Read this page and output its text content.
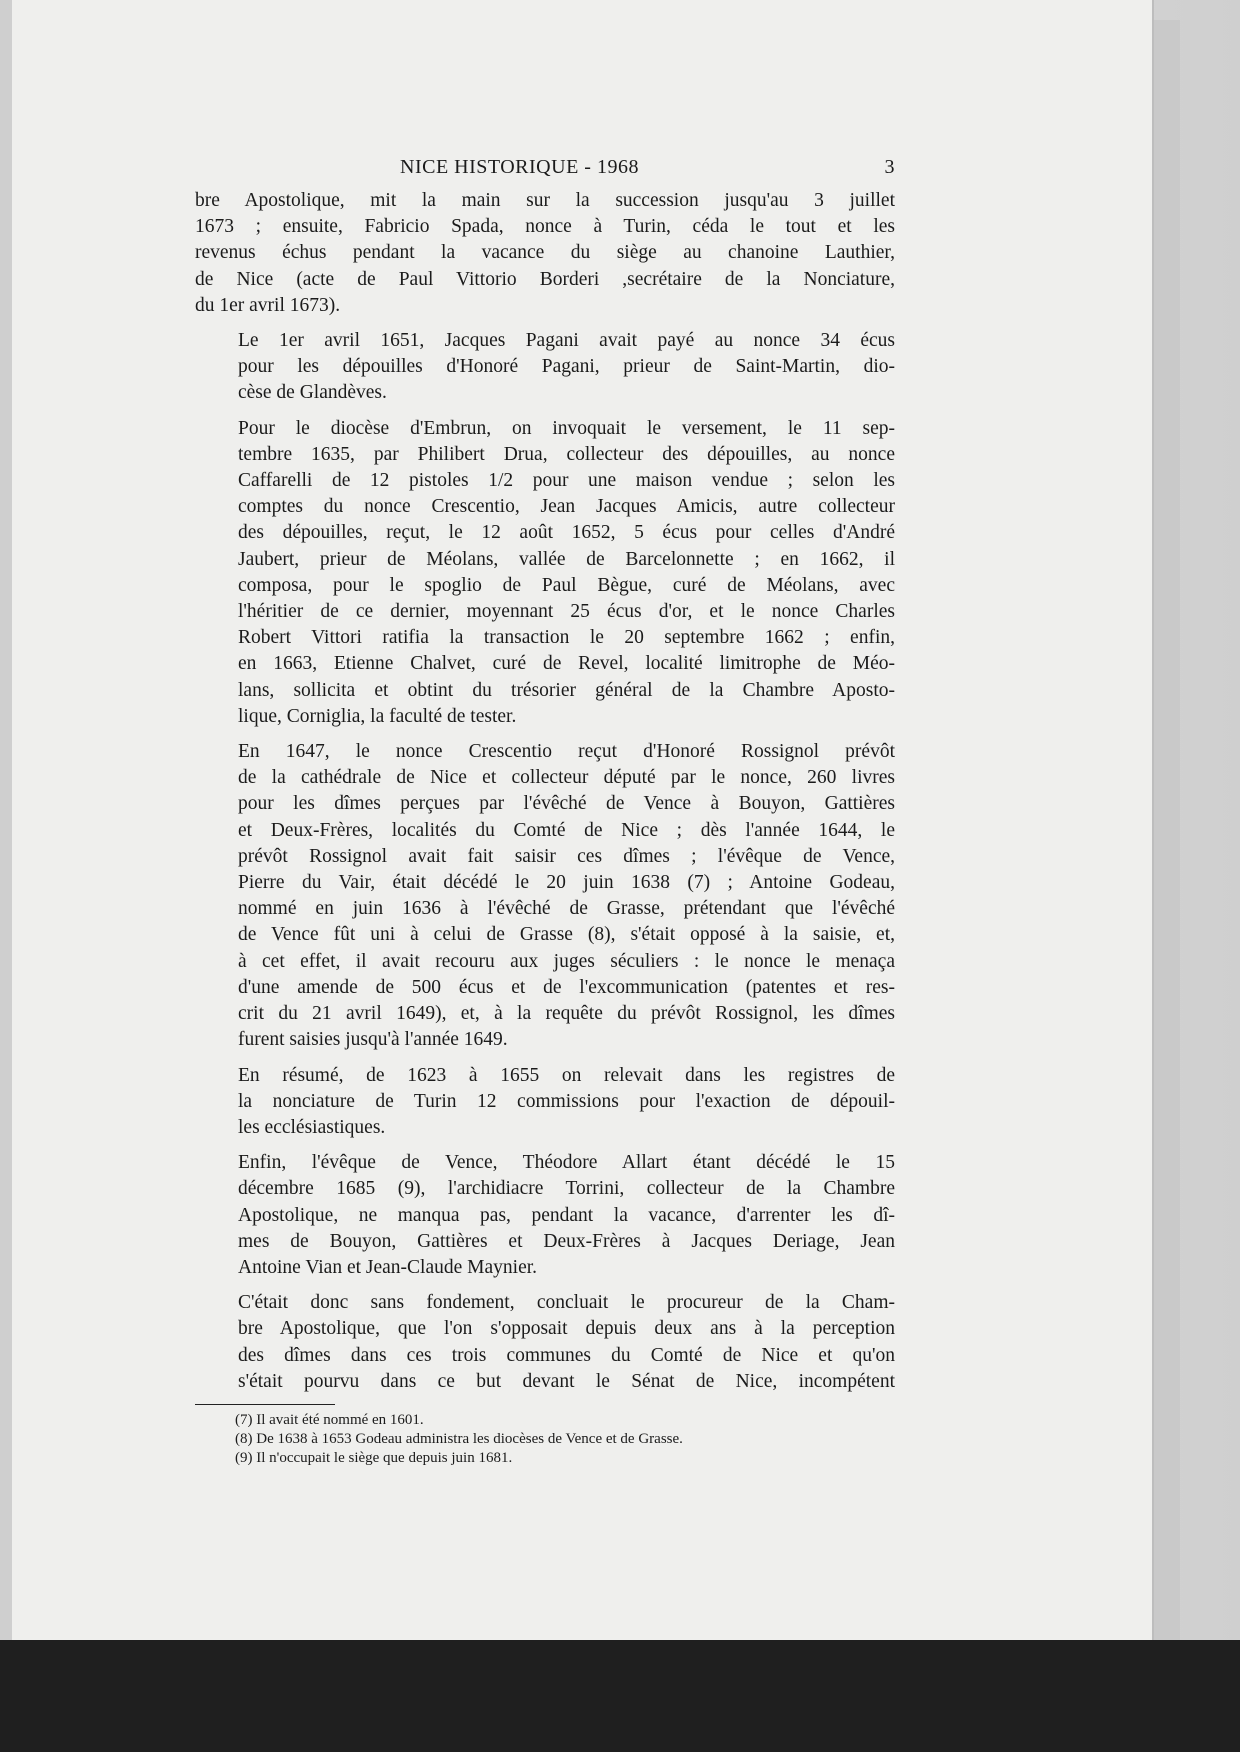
NICE HISTORIQUE - 1968	3

bre Apostolique, mit la main sur la succession jusqu'au 3 juillet
1673 ; ensuite, Fabricio Spada, nonce à Turin, céda le tout et les
revenus échus pendant la vacance du siège au chanoine Lauthier,
de Nice (acte de Paul Vittorio Borderi ,secrétaire de la Nonciature,
du 1er avril 1673).

Le 1er avril 1651, Jacques Pagani avait payé au nonce 34 écus
pour les dépouilles d'Honoré Pagani, prieur de Saint-Martin, dio-
cèse de Glandèves.

Pour le diocèse d'Embrun, on invoquait le versement, le 11 sep-
tembre 1635, par Philibert Drua, collecteur des dépouilles, au nonce
Caffarelli de 12 pistoles 1/2 pour une maison vendue ; selon les
comptes du nonce Crescentio, Jean Jacques Amicis, autre collecteur
des dépouilles, reçut, le 12 août 1652, 5 écus pour celles d'André
Jaubert, prieur de Méolans, vallée de Barcelonnette ; en 1662, il
composa, pour le spoglio de Paul Bègue, curé de Méolans, avec
l'héritier de ce dernier, moyennant 25 écus d'or, et le nonce Charles
Robert Vittori ratifia la transaction le 20 septembre 1662 ; enfin,
en 1663, Etienne Chalvet, curé de Revel, localité limitrophe de Méo-
lans, sollicita et obtint du trésorier général de la Chambre Aposto-
lique, Corniglia, la faculté de tester.

En 1647, le nonce Crescentio reçut d'Honoré Rossignol prévôt
de la cathédrale de Nice et collecteur député par le nonce, 260 livres
pour les dîmes perçues par l'évêché de Vence à Bouyon, Gattières
et Deux-Frères, localités du Comté de Nice ; dès l'année 1644, le
prévôt Rossignol avait fait saisir ces dîmes ; l'évêque de Vence,
Pierre du Vair, était décédé le 20 juin 1638 (7) ; Antoine Godeau,
nommé en juin 1636 à l'évêché de Grasse, prétendant que l'évêché
de Vence fût uni à celui de Grasse (8), s'était opposé à la saisie, et,
à cet effet, il avait recouru aux juges séculiers : le nonce le menaça
d'une amende de 500 écus et de l'excommunication (patentes et res-
crit du 21 avril 1649), et, à la requête du prévôt Rossignol, les dîmes
furent saisies jusqu'à l'année 1649.

En résumé, de 1623 à 1655 on relevait dans les registres de
la nonciature de Turin 12 commissions pour l'exaction de dépouil-
les ecclésiastiques.

Enfin, l'évêque de Vence, Théodore Allart étant décédé le 15
décembre 1685 (9), l'archidiacre Torrini, collecteur de la Chambre
Apostolique, ne manqua pas, pendant la vacance, d'arrenter les dî-
mes de Bouyon, Gattières et Deux-Frères à Jacques Deriage, Jean
Antoine Vian et Jean-Claude Maynier.

C'était donc sans fondement, concluait le procureur de la Cham-
bre Apostolique, que l'on s'opposait depuis deux ans à la perception
des dîmes dans ces trois communes du Comté de Nice et qu'on
s'était pourvu dans ce but devant le Sénat de Nice, incompétent

(7) Il avait été nommé en 1601.

(8) De 1638 à 1653 Godeau administra les diocèses de Vence et de Grasse.

(9) Il n'occupait le siège que depuis juin 1681.
